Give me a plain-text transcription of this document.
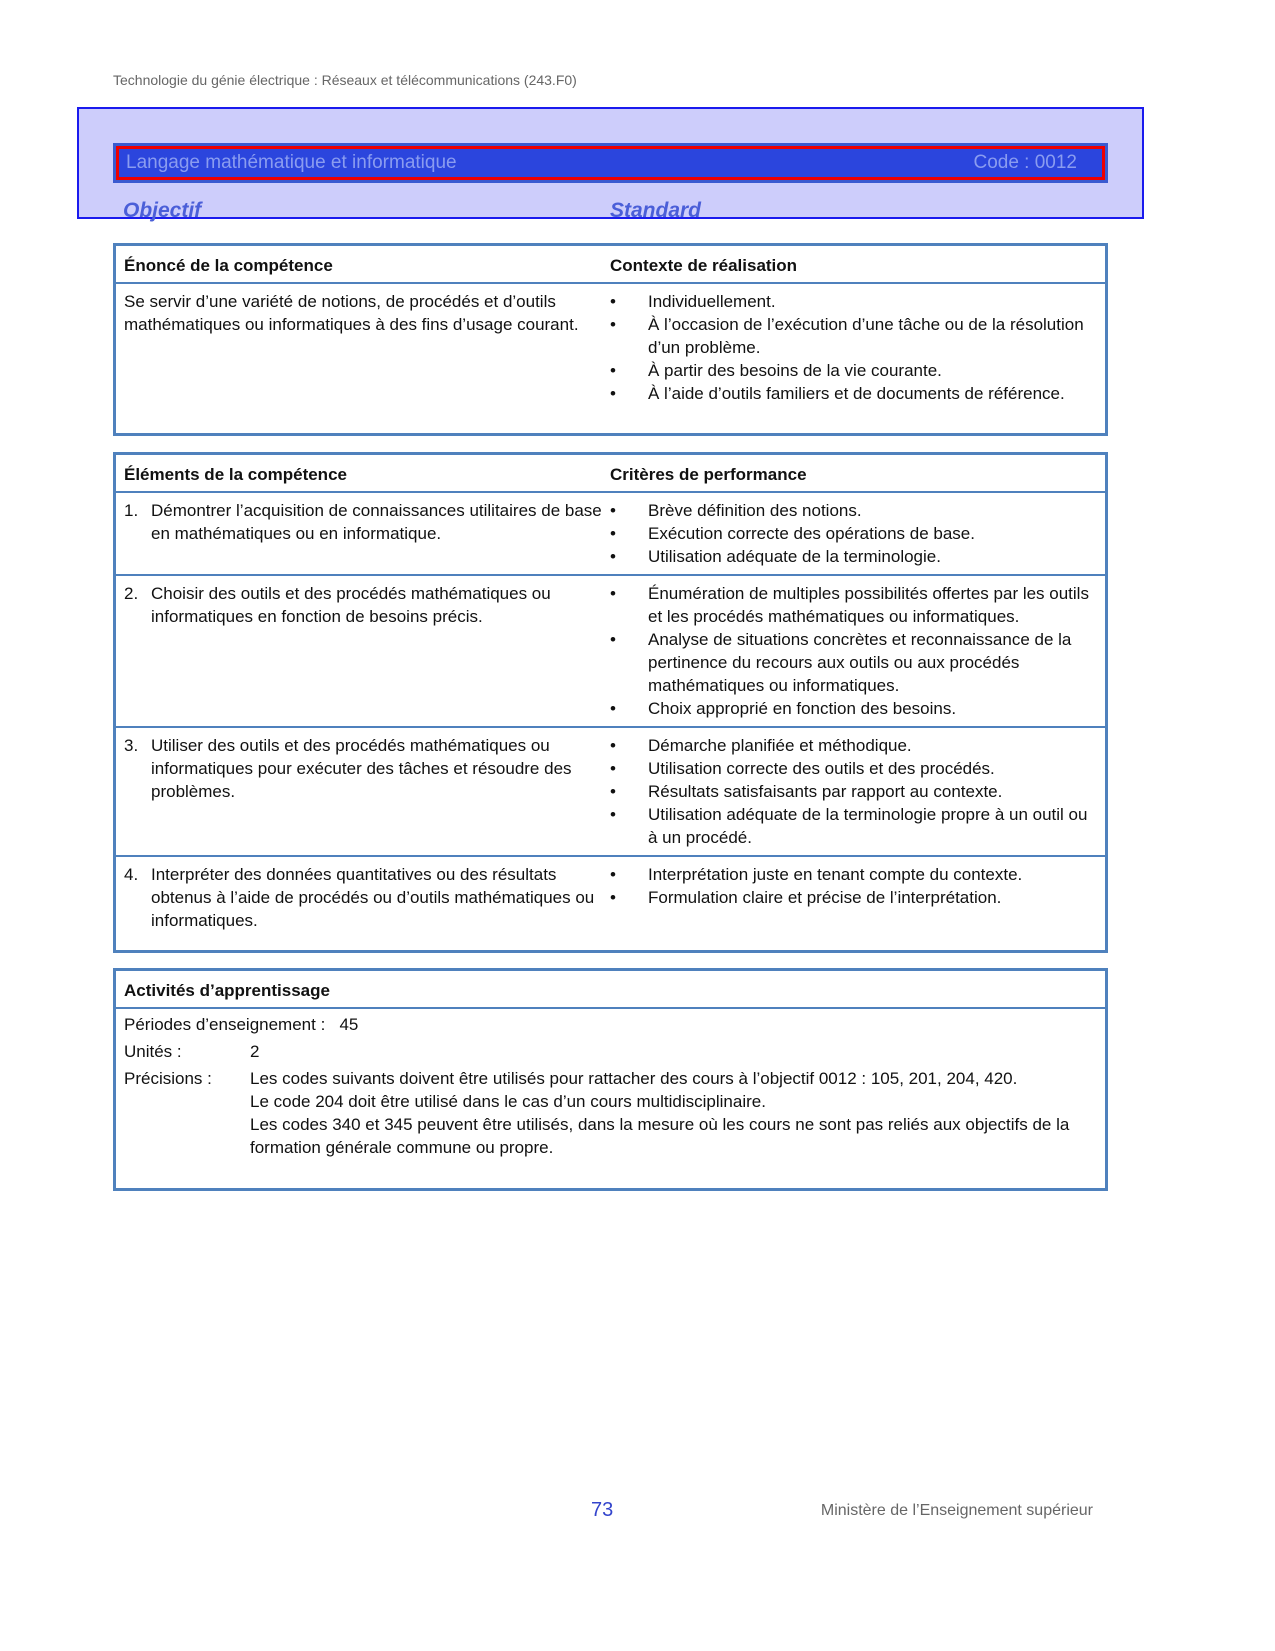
Technologie du génie électrique : Réseaux et télécommunications (243.F0)
Langage mathématique et informatique	Code : 0012
Objectif	Standard
Énoncé de la compétence	Contexte de réalisation
Se servir d’une variété de notions, de procédés et d’outils mathématiques ou informatiques à des fins d’usage courant.
•	Individuellement.
•	À l’occasion de l’exécution d’une tâche ou de la résolution d’un problème.
•	À partir des besoins de la vie courante.
•	À l’aide d’outils familiers et de documents de référence.
Éléments de la compétence	Critères de performance
1. Démontrer l’acquisition de connaissances utilitaires de base en mathématiques ou en informatique.
•	Brève définition des notions.
•	Exécution correcte des opérations de base.
•	Utilisation adéquate de la terminologie.
2. Choisir des outils et des procédés mathématiques ou informatiques en fonction de besoins précis.
•	Énumération de multiples possibilités offertes par les outils et les procédés mathématiques ou informatiques.
•	Analyse de situations concrètes et reconnaissance de la pertinence du recours aux outils ou aux procédés mathématiques ou informatiques.
•	Choix approprié en fonction des besoins.
3. Utiliser des outils et des procédés mathématiques ou informatiques pour exécuter des tâches et résoudre des problèmes.
•	Démarche planifiée et méthodique.
•	Utilisation correcte des outils et des procédés.
•	Résultats satisfaisants par rapport au contexte.
•	Utilisation adéquate de la terminologie propre à un outil ou à un procédé.
4. Interpréter des données quantitatives ou des résultats obtenus à l’aide de procédés ou d’outils mathématiques ou informatiques.
•	Interprétation juste en tenant compte du contexte.
•	Formulation claire et précise de l’interprétation.
Activités d’apprentissage
Périodes d’enseignement :
45
Unités :	2
Précisions :	Les codes suivants doivent être utilisés pour rattacher des cours à l’objectif 0012 : 105, 201, 204, 420.
Le code 204 doit être utilisé dans le cas d’un cours multidisciplinaire.
Les codes 340 et 345 peuvent être utilisés, dans la mesure où les cours ne sont pas reliés aux objectifs de la formation générale commune ou propre.
73	Ministère de l’Enseignement supérieur
